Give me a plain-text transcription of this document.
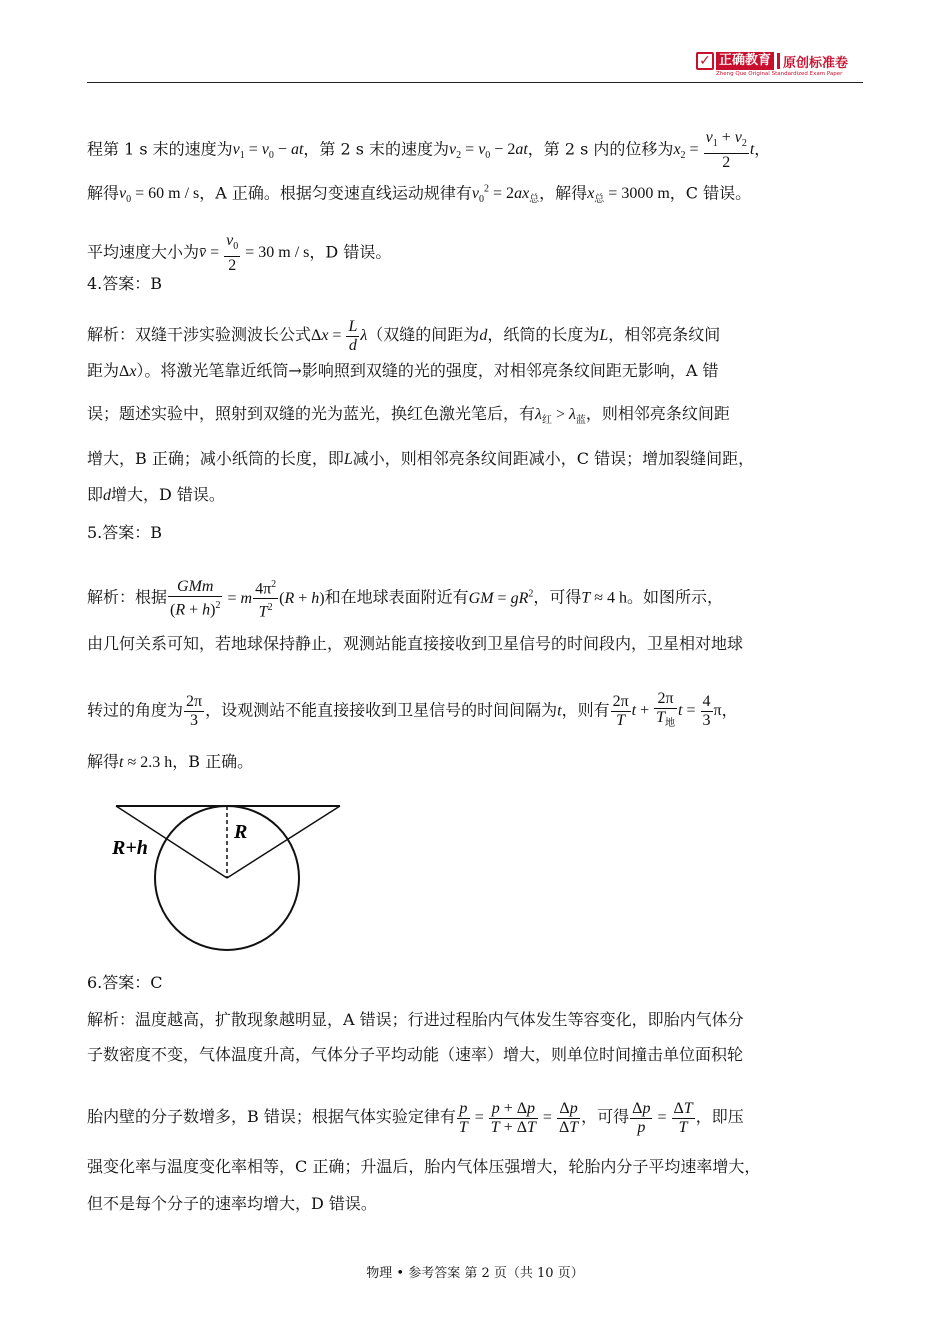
✓ 正确教育 原创标准卷
Zheng Que Original Standardized Exam Paper
程第 1 s 末的速度为$v_1 = v_0$ − at，第 2 s 末的速度为$v_2 = v_0 - 2at$，第 2 s 内的位移为$x_2 = \frac{v_1 + v_2}{2}$ t，
解得$v_0 = 60$ m / s，A 正确。根据匀变速直线运动规律有$v_0^2 = 2ax_总$，解得$x_总 = 3000$ m，C 错误。
平均速度大小为v̄ = $\frac{v_0}{2} = 30$ m / s，D 错误。
4.答案：B
解析：双缝干涉实验测波长公式$\Delta x = \frac{L}{d} \lambda$（双缝的间距为d，纸筒的长度为L，相邻亮条纹间
距为Δx）。将激光笔靠近纸筒→影响照到双缝的光的强度，对相邻亮条纹间距无影响，A 错
误；题述实验中，照射到双缝的光为蓝光，换红色激光笔后，有$\lambda_红 > \lambda_蓝$，则相邻亮条纹间距
增大，B 正确；减小纸筒的长度，即L减小，则相邻亮条纹间距减小，C 错误；增加裂缝间距，
即d增大，D 错误。
5.答案：B
解析：根据 $\frac{\text{GMm}}{(R + h)^2} = m \frac{4\pi^2}{T^2} (R + h)$和在地球表面附近有GM = $gR^2$，可得T ≈ 4 h。如图所示，
由几何关系可知，若地球保持静止，观测站能直接接收到卫星信号的时间段内，卫星相对地球
转过的角度为 $\frac{2\pi}{3}$ ，设观测站不能直接接收到卫星信号的时间间隔为t，则有 $\frac{2\pi}{T}$ $t + \frac{2\pi}{T_地}$ $t = \frac{4}{3}$ π，
解得t ≈ 2.3 h，B 正确。
R
R+h
6.答案：C
解析：温度越高，扩散现象越明显，A 错误；行进过程胎内气体发生等容变化，即胎内气体分
子数密度不变，气体温度升高，气体分子平均动能（速率）增大，则单位时间撞击单位面积轮
胎内壁的分子数增多，B 错误；根据气体实验定律有 $\frac{p}{T} = \frac{p + \Delta p}{T + \Delta T} = \frac{\Delta p}{\Delta T}$ ，可得 $\frac{\Delta p}{p} = \frac{\Delta T}{T}$ ，即压
强变化率与温度变化率相等，C 正确；升温后，胎内气体压强增大，轮胎内分子平均速率增大，
但不是每个分子的速率均增大，D 错误。
物理 • 参考答案 第 2 页（共 10 页）
